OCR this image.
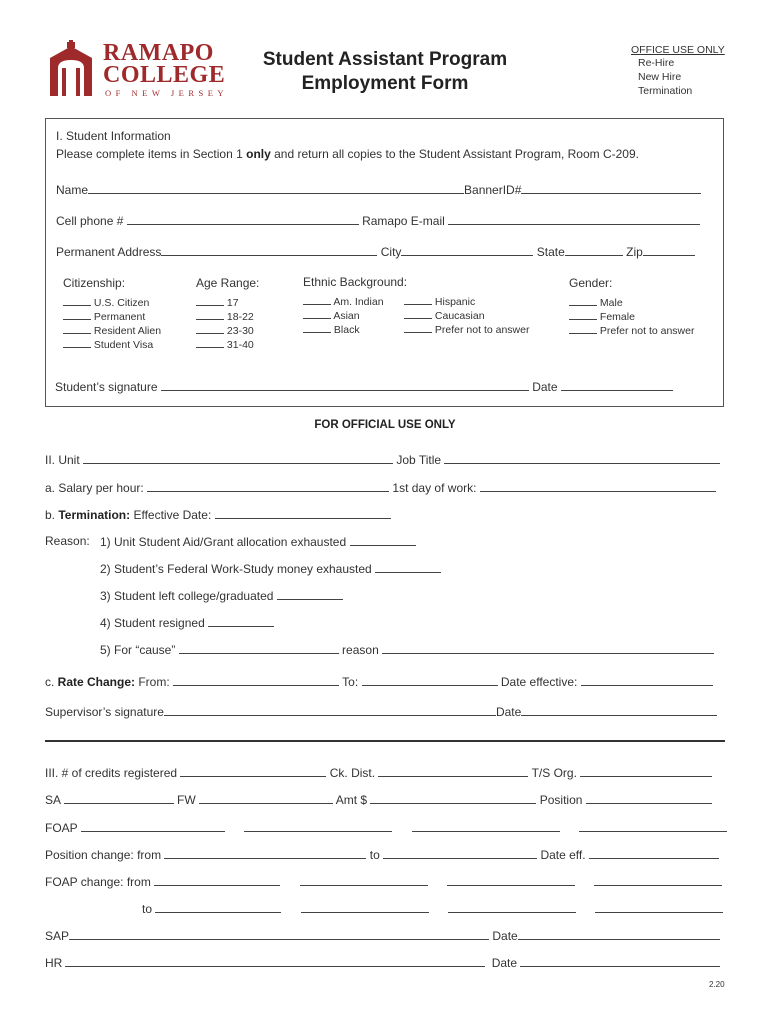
RAMAPO
COLLEGE
OF NEW JERSEY
Student Assistant Program
Employment Form
OFFICE USE ONLY
Re-Hire
New Hire
Termination
I. Student Information
Please complete items in Section 1 only and return all copies to the Student Assistant Program, Room C-209.
Name	BannerID#
Cell phone #	Ramapo E-mail
Permanent Address	City	State	Zip
Citizenship:
U.S. Citizen
Permanent
Resident Alien
Student Visa
Age Range:
17
18-22
23-30
31-40
Ethnic Background:
Am. Indian
Asian
Black
Hispanic
Caucasian
Prefer not to answer
Gender:
Male
Female
Prefer not to answer
Student’s signature	Date
FOR OFFICIAL USE ONLY
II. Unit	Job Title
a. Salary per hour:	1st day of work:
b. Termination: Effective Date:
Reason: 1) Unit Student Aid/Grant allocation exhausted
2) Student’s Federal Work-Study money exhausted
3) Student left college/graduated
4) Student resigned
5) For “cause”	reason
c. Rate Change: From:	To:	Date effective:
Supervisor’s signature	Date
III. # of credits registered	Ck. Dist.	T/S Org.
SA	FW	Amt $	Position
FOAP
Position change: from	to	Date eff.
FOAP change: from
to
SAP	Date
HR	Date
2.20
